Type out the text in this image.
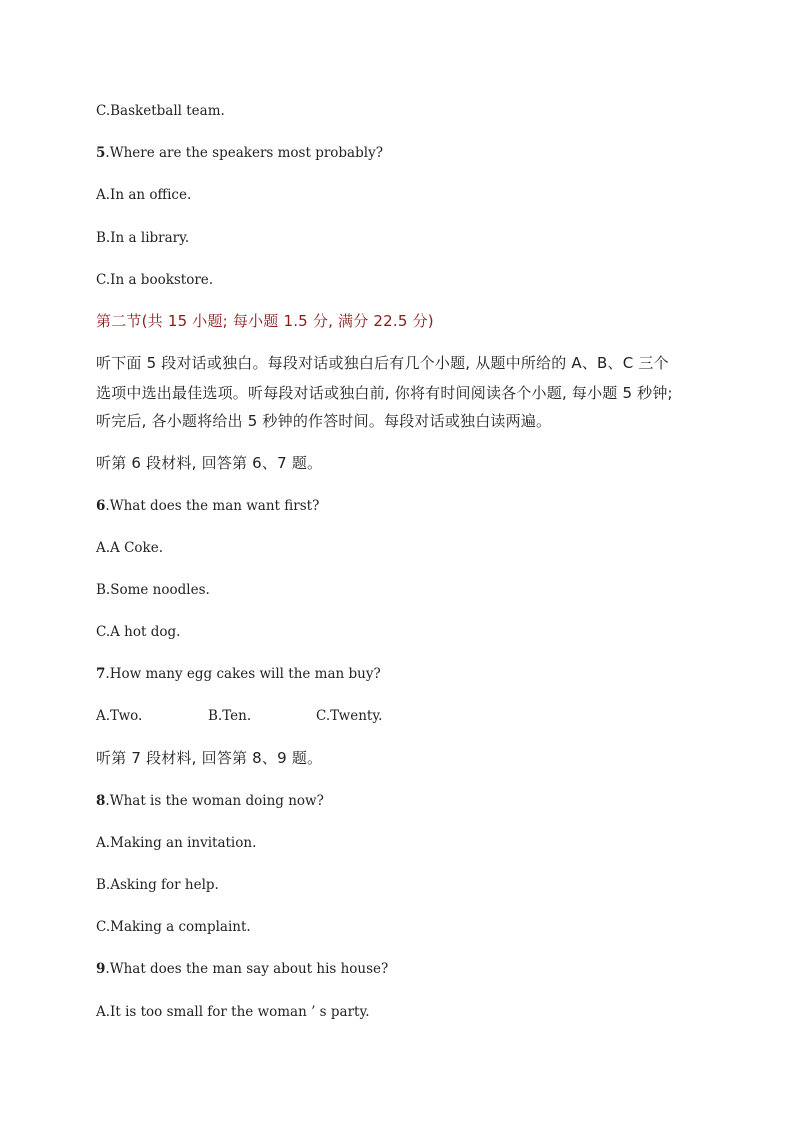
C.Basketball team.
5.Where are the speakers most probably?
A.In an office.
B.In a library.
C.In a bookstore.
第二节(共 15 小题; 每小题 1.5 分, 满分 22.5 分)
听下面 5 段对话或独白。每段对话或独白后有几个小题, 从题中所给的 A、B、C 三个
选项中选出最佳选项。听每段对话或独白前, 你将有时间阅读各个小题, 每小题 5 秒钟;
听完后, 各小题将给出 5 秒钟的作答时间。每段对话或独白读两遍。
听第 6 段材料, 回答第 6、7 题。
6.What does the man want first?
A.A Coke.
B.Some noodles.
C.A hot dog.
7.How many egg cakes will the man buy?
A.Two.	B.Ten.	C.Twenty.
听第 7 段材料, 回答第 8、9 题。
8.What is the woman doing now?
A.Making an invitation.
B.Asking for help.
C.Making a complaint.
9.What does the man say about his house?
A.It is too small for the woman ’ s party.
